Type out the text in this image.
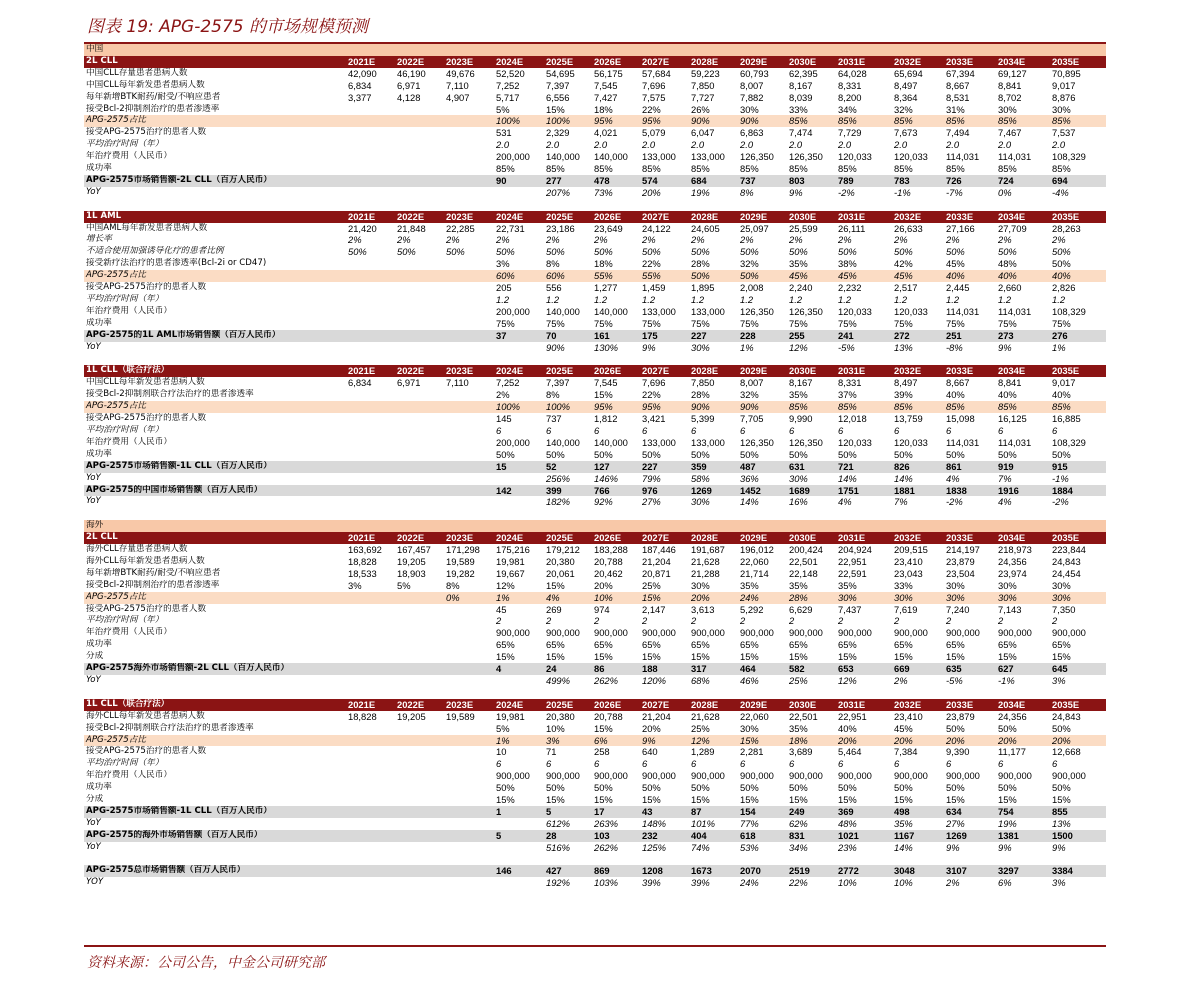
图表 19: APG-2575 的市场规模预测
中国															
2L CLL	2021E	2022E	2023E	2024E	2025E	2026E	2027E	2028E	2029E	2030E	2031E	2032E	2033E	2034E	2035E
中国CLL存量患者患病人数	42,090	46,190	49,676	52,520	54,695	56,175	57,684	59,223	60,793	62,395	64,028	65,694	67,394	69,127	70,895
中国CLL每年新发患者患病人数	6,834	6,971	7,110	7,252	7,397	7,545	7,696	7,850	8,007	8,167	8,331	8,497	8,667	8,841	9,017
每年新增BTK耐药/耐受/不响应患者	3,377	4,128	4,907	5,717	6,556	7,427	7,575	7,727	7,882	8,039	8,200	8,364	8,531	8,702	8,876
接受Bcl-2抑制剂治疗的患者渗透率				5%	15%	18%	22%	26%	30%	33%	34%	32%	31%	30%	30%
APG-2575占比				100%	100%	95%	95%	90%	90%	85%	85%	85%	85%	85%	85%
接受APG-2575治疗的患者人数				531	2,329	4,021	5,079	6,047	6,863	7,474	7,729	7,673	7,494	7,467	7,537
平均治疗时间（年）				2.0	2.0	2.0	2.0	2.0	2.0	2.0	2.0	2.0	2.0	2.0	2.0
年治疗费用（人民币）				200,000	140,000	140,000	133,000	133,000	126,350	126,350	120,033	120,033	114,031	114,031	108,329
成功率				85%	85%	85%	85%	85%	85%	85%	85%	85%	85%	85%	85%
APG-2575市场销售额-2L CLL（百万人民币）				90	277	478	574	684	737	803	789	783	726	724	694
YoY					207%	73%	20%	19%	8%	9%	-2%	-1%	-7%	0%	-4%

1L AML	2021E	2022E	2023E	2024E	2025E	2026E	2027E	2028E	2029E	2030E	2031E	2032E	2033E	2034E	2035E
中国AML每年新发患者患病人数	21,420	21,848	22,285	22,731	23,186	23,649	24,122	24,605	25,097	25,599	26,111	26,633	27,166	27,709	28,263
增长率	2%	2%	2%	2%	2%	2%	2%	2%	2%	2%	2%	2%	2%	2%	2%
不适合使用加强诱导化疗的患者比例	50%	50%	50%	50%	50%	50%	50%	50%	50%	50%	50%	50%	50%	50%	50%
接受新疗法治疗的患者渗透率(Bcl-2i or CD47)				3%	8%	18%	22%	28%	32%	35%	38%	42%	45%	48%	50%
APG-2575占比				60%	60%	55%	55%	50%	50%	45%	45%	45%	40%	40%	40%
接受APG-2575治疗的患者人数				205	556	1,277	1,459	1,895	2,008	2,240	2,232	2,517	2,445	2,660	2,826
平均治疗时间（年）				1.2	1.2	1.2	1.2	1.2	1.2	1.2	1.2	1.2	1.2	1.2	1.2
年治疗费用（人民币）				200,000	140,000	140,000	133,000	133,000	126,350	126,350	120,033	120,033	114,031	114,031	108,329
成功率				75%	75%	75%	75%	75%	75%	75%	75%	75%	75%	75%	75%
APG-2575的1L AML市场销售额（百万人民币）				37	70	161	175	227	228	255	241	272	251	273	276
YoY					90%	130%	9%	30%	1%	12%	-5%	13%	-8%	9%	1%

1L CLL（联合疗法）	2021E	2022E	2023E	2024E	2025E	2026E	2027E	2028E	2029E	2030E	2031E	2032E	2033E	2034E	2035E
中国CLL每年新发患者患病人数	6,834	6,971	7,110	7,252	7,397	7,545	7,696	7,850	8,007	8,167	8,331	8,497	8,667	8,841	9,017
接受Bcl-2抑制剂联合疗法治疗的患者渗透率				2%	8%	15%	22%	28%	32%	35%	37%	39%	40%	40%	40%
APG-2575占比				100%	100%	95%	95%	90%	90%	85%	85%	85%	85%	85%	85%
接受APG-2575治疗的患者人数				145	737	1,812	3,421	5,399	7,705	9,990	12,018	13,759	15,098	16,125	16,885
平均治疗时间（年）				6	6	6	6	6	6	6	6	6	6	6	6
年治疗费用（人民币）				200,000	140,000	140,000	133,000	133,000	126,350	126,350	120,033	120,033	114,031	114,031	108,329
成功率				50%	50%	50%	50%	50%	50%	50%	50%	50%	50%	50%	50%
APG-2575市场销售额-1L CLL（百万人民币）				15	52	127	227	359	487	631	721	826	861	919	915
YoY					256%	146%	79%	58%	36%	30%	14%	14%	4%	7%	-1%
APG-2575的中国市场销售额（百万人民币）				142	399	766	976	1269	1452	1689	1751	1881	1838	1916	1884
YoY					182%	92%	27%	30%	14%	16%	4%	7%	-2%	4%	-2%

海外															
2L CLL	2021E	2022E	2023E	2024E	2025E	2026E	2027E	2028E	2029E	2030E	2031E	2032E	2033E	2034E	2035E
海外CLL存量患者患病人数	163,692	167,457	171,298	175,216	179,212	183,288	187,446	191,687	196,012	200,424	204,924	209,515	214,197	218,973	223,844
海外CLL每年新发患者患病人数	18,828	19,205	19,589	19,981	20,380	20,788	21,204	21,628	22,060	22,501	22,951	23,410	23,879	24,356	24,843
每年新增BTK耐药/耐受/不响应患者	18,533	18,903	19,282	19,667	20,061	20,462	20,871	21,288	21,714	22,148	22,591	23,043	23,504	23,974	24,454
接受Bcl-2抑制剂治疗的患者渗透率	3%	5%	8%	12%	15%	20%	25%	30%	35%	35%	35%	33%	30%	30%	30%
APG-2575占比			0%	1%	4%	10%	15%	20%	24%	28%	30%	30%	30%	30%	30%
接受APG-2575治疗的患者人数				45	269	974	2,147	3,613	5,292	6,629	7,437	7,619	7,240	7,143	7,350
平均治疗时间（年）				2	2	2	2	2	2	2	2	2	2	2	2
年治疗费用（人民币）				900,000	900,000	900,000	900,000	900,000	900,000	900,000	900,000	900,000	900,000	900,000	900,000
成功率				65%	65%	65%	65%	65%	65%	65%	65%	65%	65%	65%	65%
分成				15%	15%	15%	15%	15%	15%	15%	15%	15%	15%	15%	15%
APG-2575海外市场销售额-2L CLL（百万人民币）				4	24	86	188	317	464	582	653	669	635	627	645
YoY					499%	262%	120%	68%	46%	25%	12%	2%	-5%	-1%	3%

1L CLL（联合疗法）	2021E	2022E	2023E	2024E	2025E	2026E	2027E	2028E	2029E	2030E	2031E	2032E	2033E	2034E	2035E
海外CLL每年新发患者患病人数	18,828	19,205	19,589	19,981	20,380	20,788	21,204	21,628	22,060	22,501	22,951	23,410	23,879	24,356	24,843
接受Bcl-2抑制剂联合疗法治疗的患者渗透率				5%	10%	15%	20%	25%	30%	35%	40%	45%	50%	50%	50%
APG-2575占比				1%	3%	6%	9%	12%	15%	18%	20%	20%	20%	20%	20%
接受APG-2575治疗的患者人数				10	71	258	640	1,289	2,281	3,689	5,464	7,384	9,390	11,177	12,668
平均治疗时间（年）				6	6	6	6	6	6	6	6	6	6	6	6
年治疗费用（人民币）				900,000	900,000	900,000	900,000	900,000	900,000	900,000	900,000	900,000	900,000	900,000	900,000
成功率				50%	50%	50%	50%	50%	50%	50%	50%	50%	50%	50%	50%
分成				15%	15%	15%	15%	15%	15%	15%	15%	15%	15%	15%	15%
APG-2575市场销售额-1L CLL（百万人民币）				1	5	17	43	87	154	249	369	498	634	754	855
YoY					612%	263%	148%	101%	77%	62%	48%	35%	27%	19%	13%
APG-2575的海外市场销售额（百万人民币）				5	28	103	232	404	618	831	1021	1167	1269	1381	1500
YoY					516%	262%	125%	74%	53%	34%	23%	14%	9%	9%	9%

APG-2575总市场销售额（百万人民币）				146	427	869	1208	1673	2070	2519	2772	3048	3107	3297	3384
YOY					192%	103%	39%	39%	24%	22%	10%	10%	2%	6%	3%
资料来源：公司公告，中金公司研究部
